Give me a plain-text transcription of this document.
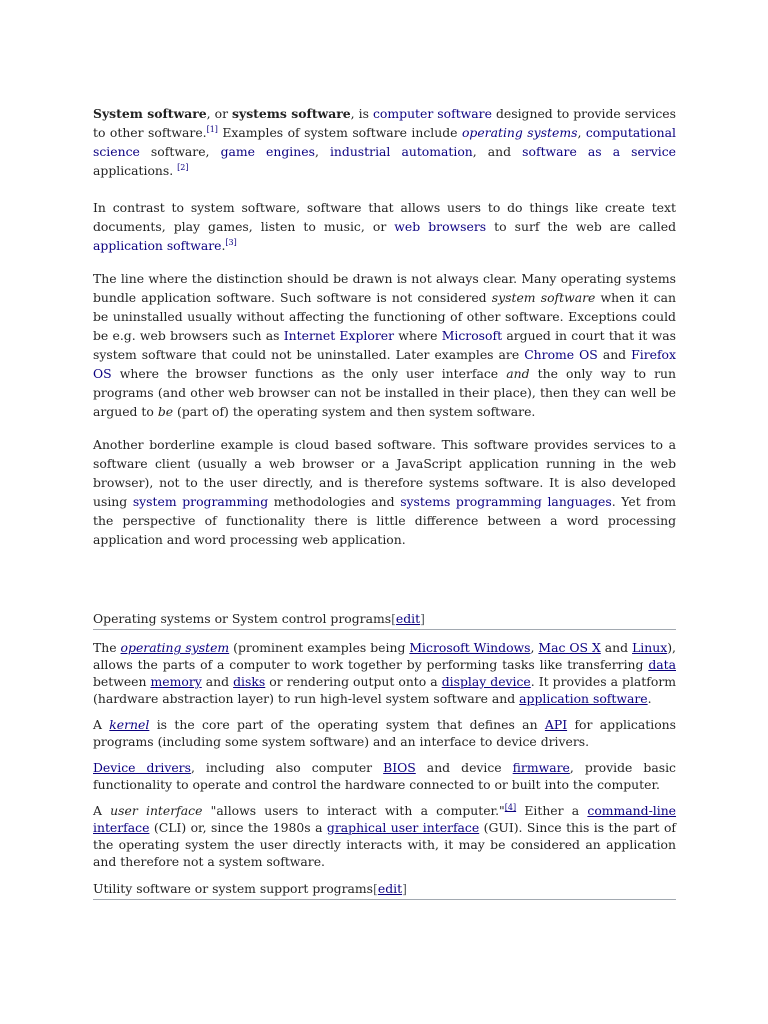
System software, or systems software, is computer software designed to provide services to other software.[1] Examples of system software include operating systems, computational science software, game engines, industrial automation, and software as a service applications. [2]

In contrast to system software, software that allows users to do things like create text documents, play games, listen to music, or web browsers to surf the web are called application software.[3]

The line where the distinction should be drawn is not always clear. Many operating systems bundle application software. Such software is not considered system software when it can be uninstalled usually without affecting the functioning of other software. Exceptions could be e.g. web browsers such as Internet Explorer where Microsoft argued in court that it was system software that could not be uninstalled. Later examples are Chrome OS and Firefox OS where the browser functions as the only user interface and the only way to run programs (and other web browser can not be installed in their place), then they can well be argued to be (part of) the operating system and then system software.

Another borderline example is cloud based software. This software provides services to a software client (usually a web browser or a JavaScript application running in the web browser), not to the user directly, and is therefore systems software. It is also developed using system programming methodologies and systems programming languages. Yet from the perspective of functionality there is little difference between a word processing application and word processing web application.

Operating systems or System control programs[edit]

The operating system (prominent examples being Microsoft Windows, Mac OS X and Linux), allows the parts of a computer to work together by performing tasks like transferring data between memory and disks or rendering output onto a display device. It provides a platform (hardware abstraction layer) to run high-level system software and application software.

A kernel is the core part of the operating system that defines an API for applications programs (including some system software) and an interface to device drivers.

Device drivers, including also computer BIOS and device firmware, provide basic functionality to operate and control the hardware connected to or built into the computer.

A user interface "allows users to interact with a computer."[4] Either a command-line interface (CLI) or, since the 1980s a graphical user interface (GUI). Since this is the part of the operating system the user directly interacts with, it may be considered an application and therefore not a system software.

Utility software or system support programs[edit]
